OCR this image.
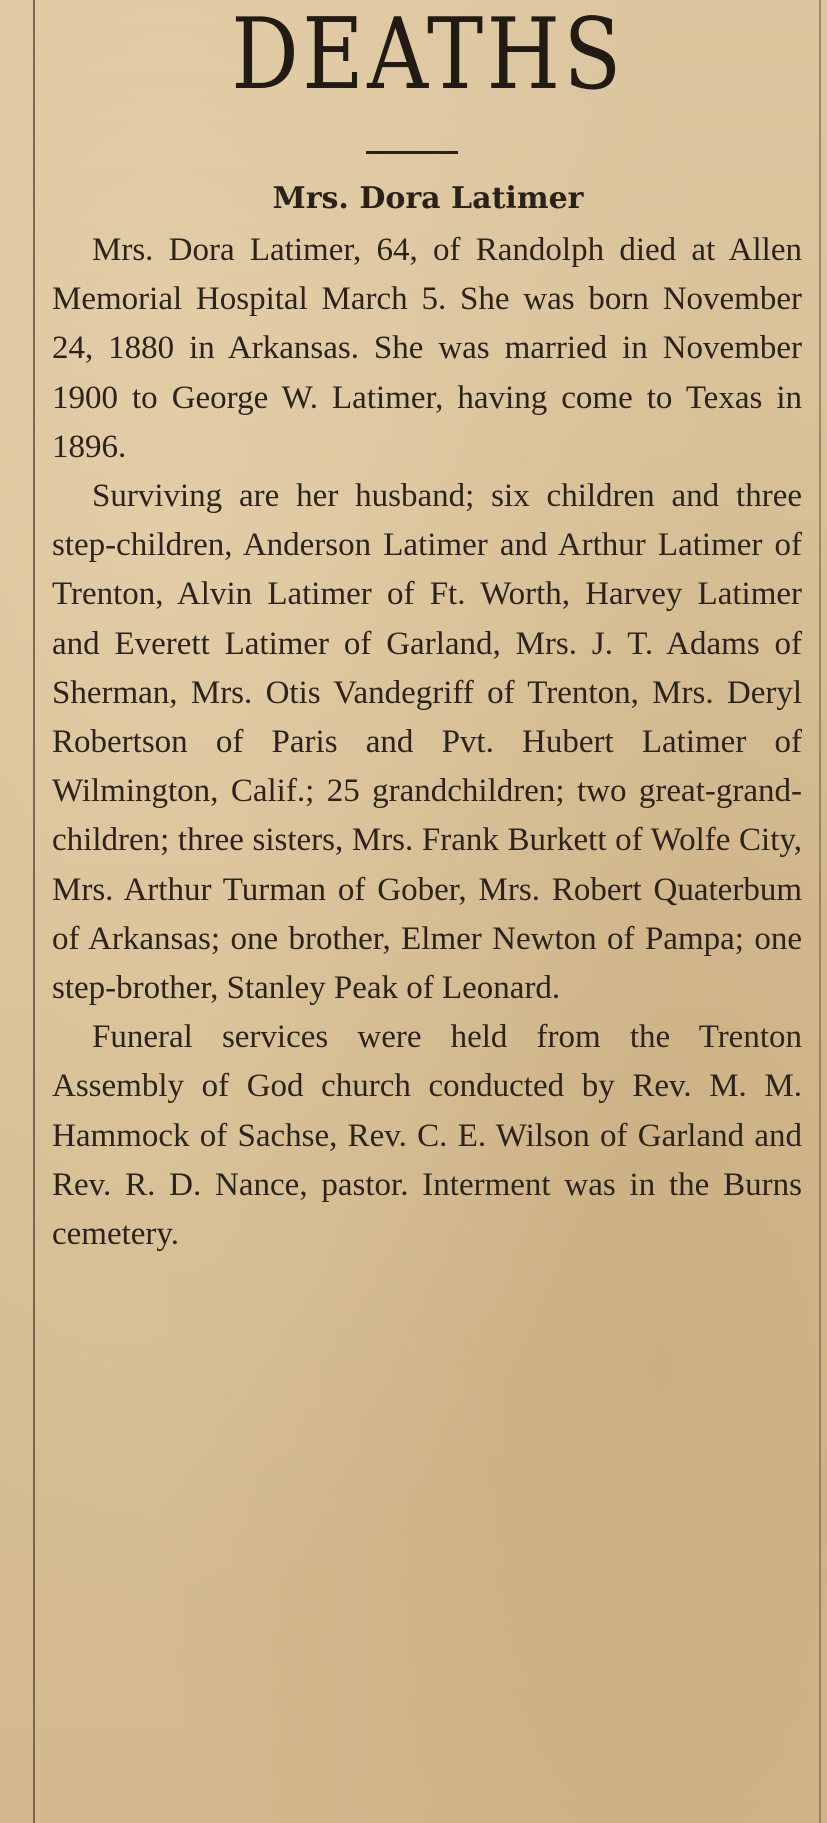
DEATHS
Mrs. Dora Latimer

Mrs. Dora Latimer, 64, of Randolph died at Allen Memorial Hospital March 5. She was born November 24, 1880 in Arkansas. She was married in November 1900 to George W. Latimer, having come to Texas in 1896.

Surviving are her husband; six children and three step-children, Anderson Latimer and Arthur Latimer of Trenton, Alvin Latimer of Ft. Worth, Harvey Latimer and Everett Latimer of Garland, Mrs. J. T. Adams of Sherman, Mrs. Otis Vandegriff of Trenton, Mrs. Deryl Robertson of Paris and Pvt. Hubert Latimer of Wilmington, Calif.; 25 grandchildren; two great-grandchildren; three sisters, Mrs. Frank Burkett of Wolfe City, Mrs. Arthur Turman of Gober, Mrs. Robert Quaterbum of Arkansas; one brother, Elmer Newton of Pampa; one step-brother, Stanley Peak of Leonard.

Funeral services were held from the Trenton Assembly of God church conducted by Rev. M. M. Hammock of Sachse, Rev. C. E. Wilson of Garland and Rev. R. D. Nance, pastor. Interment was in the Burns cemetery.
